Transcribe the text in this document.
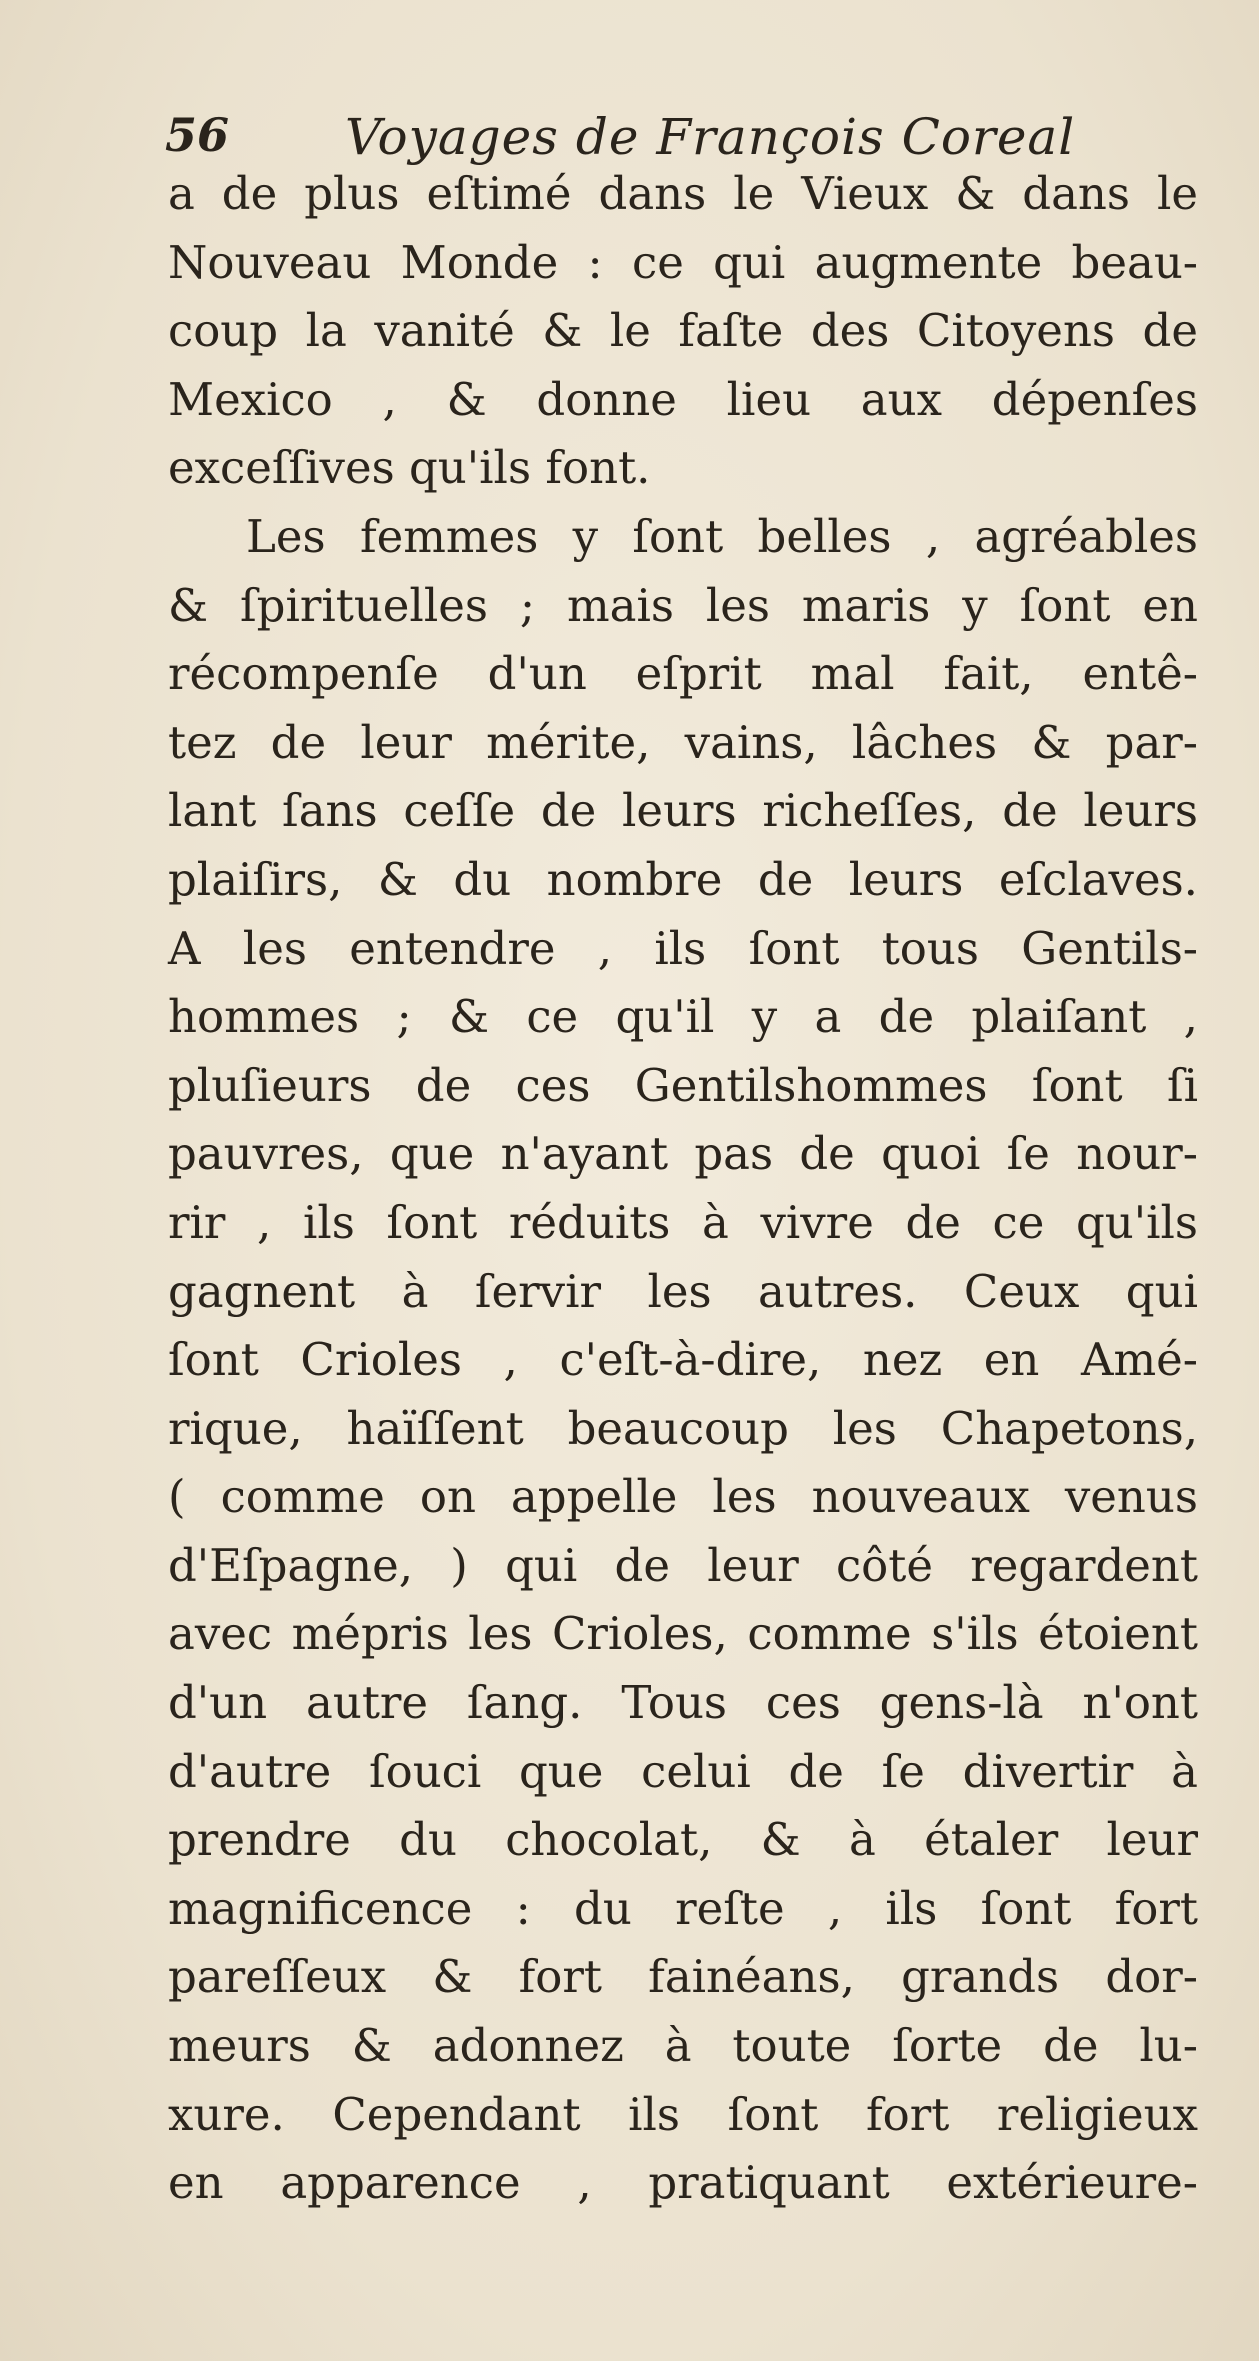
56 Voyages de François Coreal
a de plus eſtimé dans le Vieux & dans le
Nouveau Monde : ce qui augmente beau-
coup la vanité & le faſte des Citoyens de
Mexico , & donne lieu aux dépenſes
exceſſives qu'ils font.
Les femmes y ſont belles , agréables
& ſpirituelles ; mais les maris y ſont en
récompenſe d'un eſprit mal fait, entê-
tez de leur mérite, vains, lâches & par-
lant ſans ceſſe de leurs richeſſes, de leurs
plaiſirs, & du nombre de leurs eſclaves.
A les entendre , ils ſont tous Gentils-
hommes ; & ce qu'il y a de plaiſant ,
pluſieurs de ces Gentilshommes ſont ſi
pauvres, que n'ayant pas de quoi ſe nour-
rir , ils ſont réduits à vivre de ce qu'ils
gagnent à ſervir les autres. Ceux qui
ſont Crioles , c'eſt-à-dire, nez en Amé-
rique, haïſſent beaucoup les Chapetons,
( comme on appelle les nouveaux venus
d'Eſpagne, ) qui de leur côté regardent
avec mépris les Crioles, comme s'ils étoient
d'un autre ſang. Tous ces gens-là n'ont
d'autre ſouci que celui de ſe divertir à
prendre du chocolat, & à étaler leur
magnificence : du reſte , ils ſont fort
pareſſeux & fort fainéans, grands dor-
meurs & adonnez à toute ſorte de lu-
xure. Cependant ils ſont fort religieux
en apparence , pratiquant extérieure-
